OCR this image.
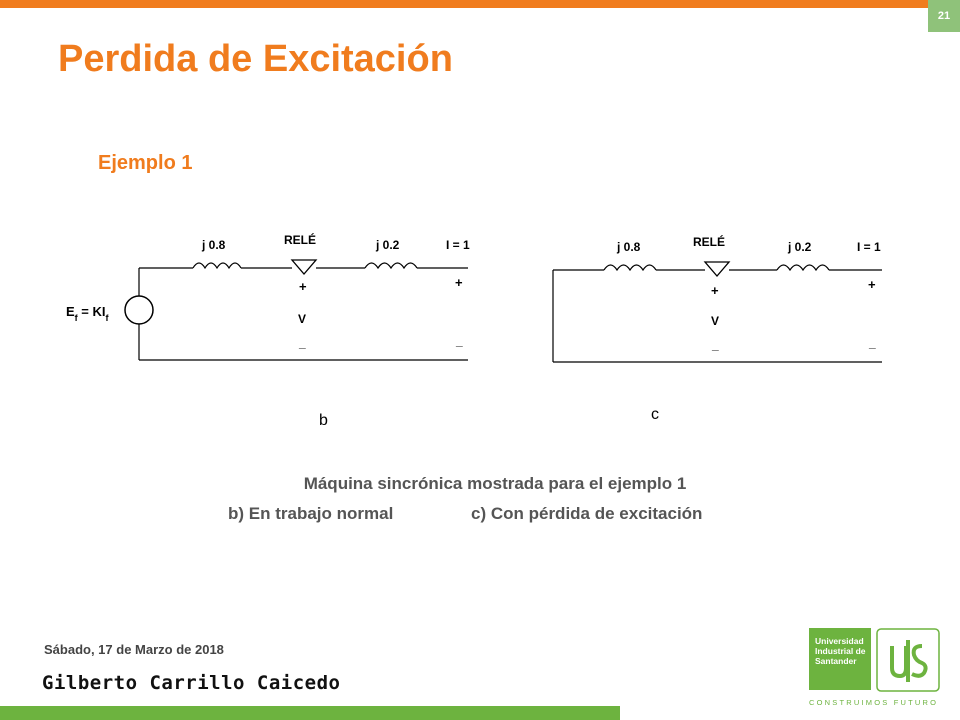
21
Perdida de Excitación
Ejemplo 1
$E_f = KI_f$
j 0.8	RELÉ	j 0.2	I = 1
+
V
_
+
_
j 0.8	RELÉ	j 0.2	I = 1
+
V
_
+
_
b	c
Máquina sincrónica mostrada para el ejemplo 1
b) En trabajo normal	c) Con pérdida de excitación
Sábado, 17 de Marzo de 2018
Gilberto Carrillo Caicedo
Universidad
Industrial de
Santander
CONSTRUIMOS FUTURO
